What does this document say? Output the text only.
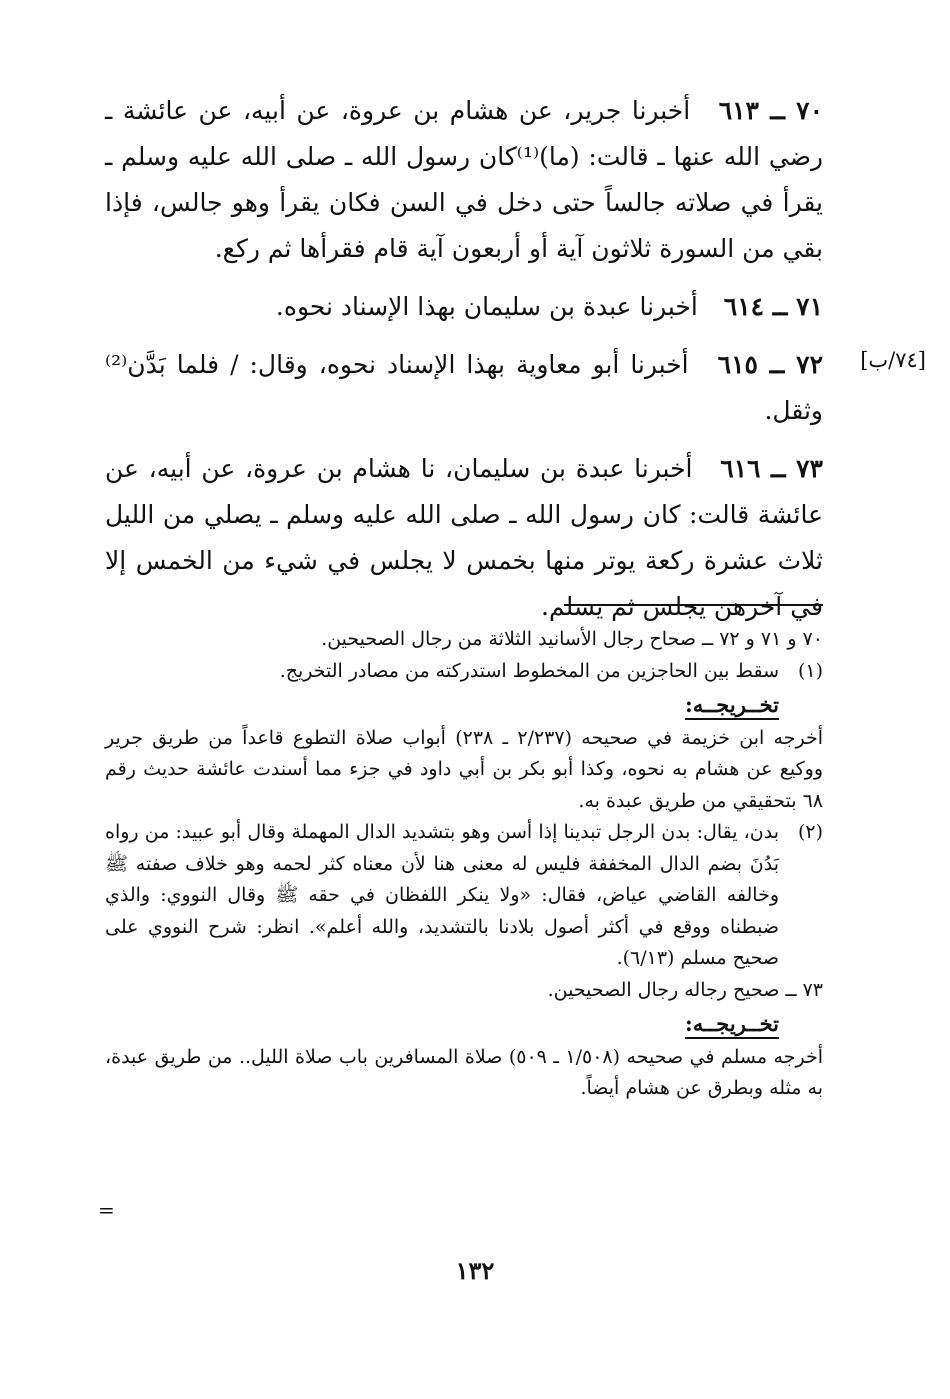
٧٠ ــ ٦١٣ أخبرنا جرير، عن هشام بن عروة، عن أبيه، عن عائشة ـ رضي الله عنها ـ قالت: (ما)⁽¹⁾كان رسول الله ـ صلى الله عليه وسلم ـ يقرأ في صلاته جالساً حتى دخل في السن فكان يقرأ وهو جالس، فإذا بقي من السورة ثلاثون آية أو أربعون آية قام فقرأها ثم ركع.

٧١ ــ ٦١٤ أخبرنا عبدة بن سليمان بهذا الإسناد نحوه.

٧٢ ــ ٦١٥ أخبرنا أبو معاوية بهذا الإسناد نحوه، وقال: / فلما بَدَّن⁽²⁾ وثقل.

٧٣ ــ ٦١٦ أخبرنا عبدة بن سليمان، نا هشام بن عروة، عن أبيه، عن عائشة قالت: كان رسول الله ـ صلى الله عليه وسلم ـ يصلي من الليل ثلاث عشرة ركعة يوتر منها بخمس لا يجلس في شيء من الخمس إلا في آخرهن يجلس ثم يسلم.

[٧٤/ب]

٧٠ و ٧١ و ٧٢ ــ صحاح رجال الأسانيد الثلاثة من رجال الصحيحين.

(١)
سقط بين الحاجزين من المخطوط استدركته من مصادر التخريج.
تخــريجــه:

أخرجه ابن خزيمة في صحيحه (٢/٢٣٧ ـ ٢٣٨) أبواب صلاة التطوع قاعداً من طريق جرير ووكيع عن هشام به نحوه، وكذا أبو بكر بن أبي داود في جزء مما أسندت عائشة حديث رقم ٦٨ بتحقيقي من طريق عبدة به.

(٢)
بدن، يقال: بدن الرجل تبدينا إذا أسن وهو بتشديد الدال المهملة وقال أبو عبيد: من رواه بَدُنَ بضم الدال المخففة فليس له معنى هنا لأن معناه كثر لحمه وهو خلاف صفته ﷺ وخالفه القاضي عياض، فقال: «ولا ينكر اللفظان في حقه ﷺ وقال النووي: والذي ضبطناه ووقع في أكثر أصول بلادنا بالتشديد، والله أعلم». انظر: شرح النووي على صحيح مسلم (٦/١٣).

٧٣ ــ صحيح رجاله رجال الصحيحين.

تخــريجــه:

أخرجه مسلم في صحيحه (١/٥٠٨ ـ ٥٠٩) صلاة المسافرين باب صلاة الليل.. من طريق عبدة، به مثله وبطرق عن هشام أيضاً.

=
١٣٢
